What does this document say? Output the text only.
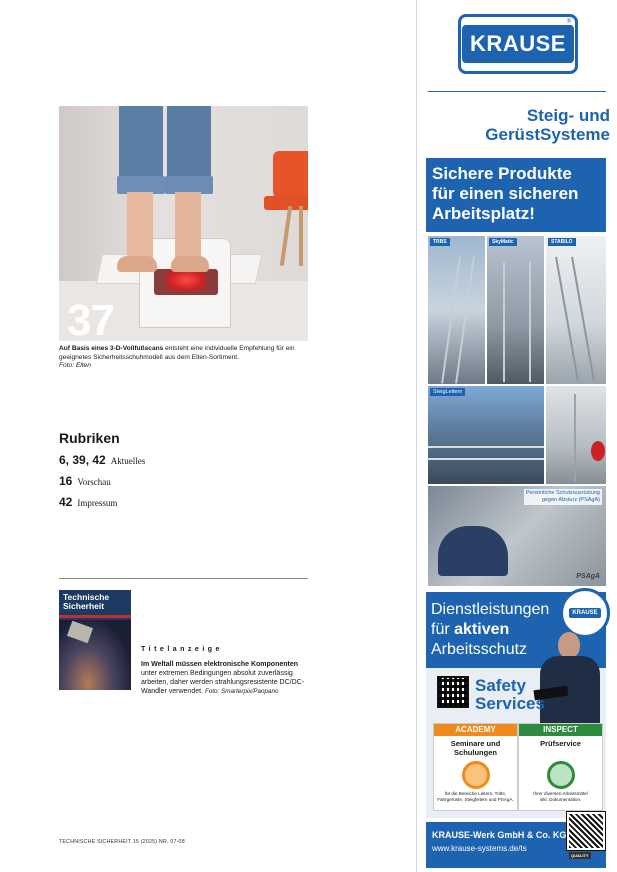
37
Auf Basis eines 3-D-Vollfußscans entsteht eine individuelle Empfehlung für ein geeignetes Sicherheitsschuhmodell aus dem Elten-Sortiment.
Foto: Elten
Rubriken
6, 39, 42 Aktuelles
16 Vorschau
42 Impressum
Technische
Sicherheit
Titelanzeige
Im Weltall müssen elektronische Komponenten unter extremen Bedingungen absolut zuverlässig arbeiten, daher werden strahlungsresistente DC/DC-Wandler verwendet. Foto: Smarterpix/Paopano
TECHNISCHE SICHERHEIT 15 (2025) NR. 07-08
KRAUSE
®
Steig- und
GerüstSysteme
Sichere Produkte
für einen sicheren
Arbeitsplatz!
TRBS	SkyMatic	STABILO
SteigLeitern
Persönliche Schutzausrüstung
gegen Absturz (PSAgA)
PSAgA
Dienstleistungen
für aktiven
Arbeitsschutz
KRAUSE
Safety
Services
ACADEMY
Seminare und
Schulungen
für die Bereiche Leitern, Tritte,
Fahrgerüste, Steigleitern und PSAgA.
INSPECT
Prüfservice
Ihrer diversen Arbeitsmittel
inkl. Dokumentation.
KRAUSE-Werk GmbH & Co. KG
www.krause-systems.de/ts
QUALITY
